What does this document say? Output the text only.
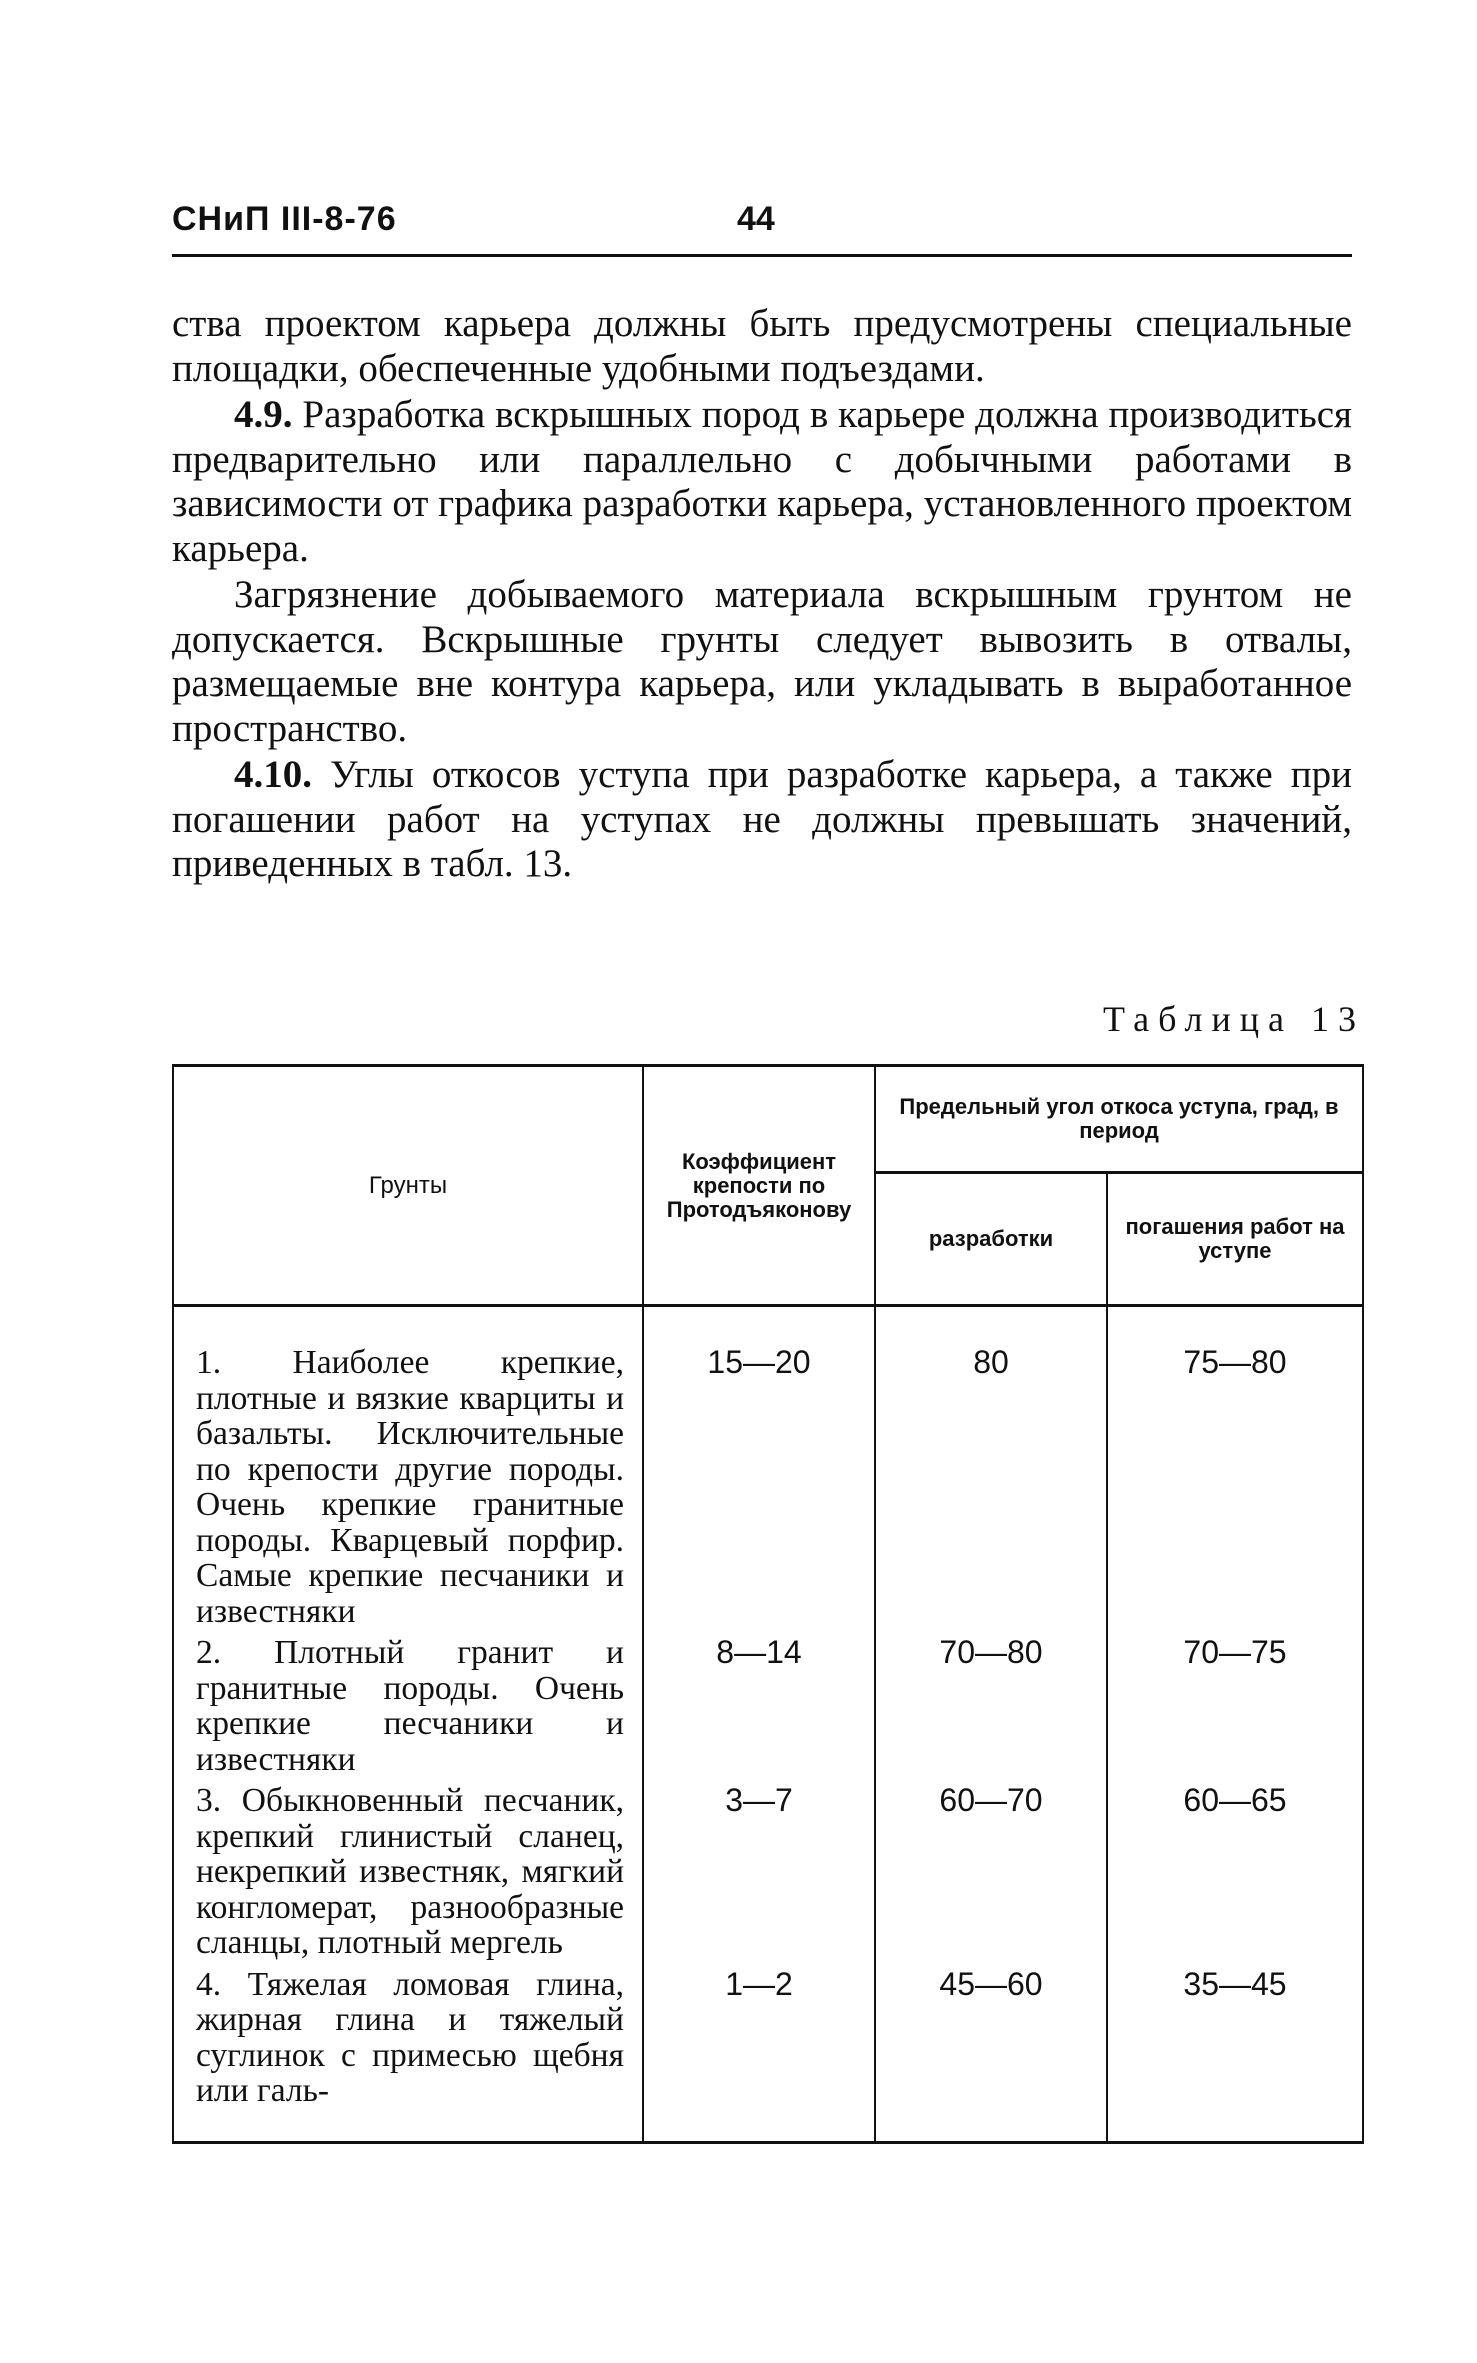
СНиП III-8-76	44

ства проектом карьера должны быть предусмотрены специальные площадки, обеспеченные удобными подъездами.

4.9. Разработка вскрышных пород в карьере должна производиться предварительно или параллельно с добычными работами в зависимости от графика разработки карьера, установленного проектом карьера.

Загрязнение добываемого материала вскрышным грунтом не допускается. Вскрышные грунты следует вывозить в отвалы, размещаемые вне контура карьера, или укладывать в выработанное пространство.

4.10. Углы откосов уступа при разработке карьера, а также при погашении работ на уступах не должны превышать значений, приведенных в табл. 13.

Таблица 13
Грунты	Коэффициент крепости по Протодъяконову	Предельный угол откоса уступа, град, в период	
		разработки	погашения работ на уступе
1. Наиболее крепкие, плотные и вязкие кварциты и базальты. Исключительные по крепости другие породы. Очень крепкие гранитные породы. Кварцевый порфир. Самые крепкие песчаники и известняки	15—20	80	75—80
2. Плотный гранит и гранитные породы. Очень крепкие песчаники и известняки	8—14	70—80	70—75
3. Обыкновенный песчаник, крепкий глинистый сланец, некрепкий известняк, мягкий конгломерат, разнообразные сланцы, плотный мергель	3—7	60—70	60—65
4. Тяжелая ломовая глина, жирная глина и тяжелый суглинок с примесью щебня или галь-	1—2	45—60	35—45
